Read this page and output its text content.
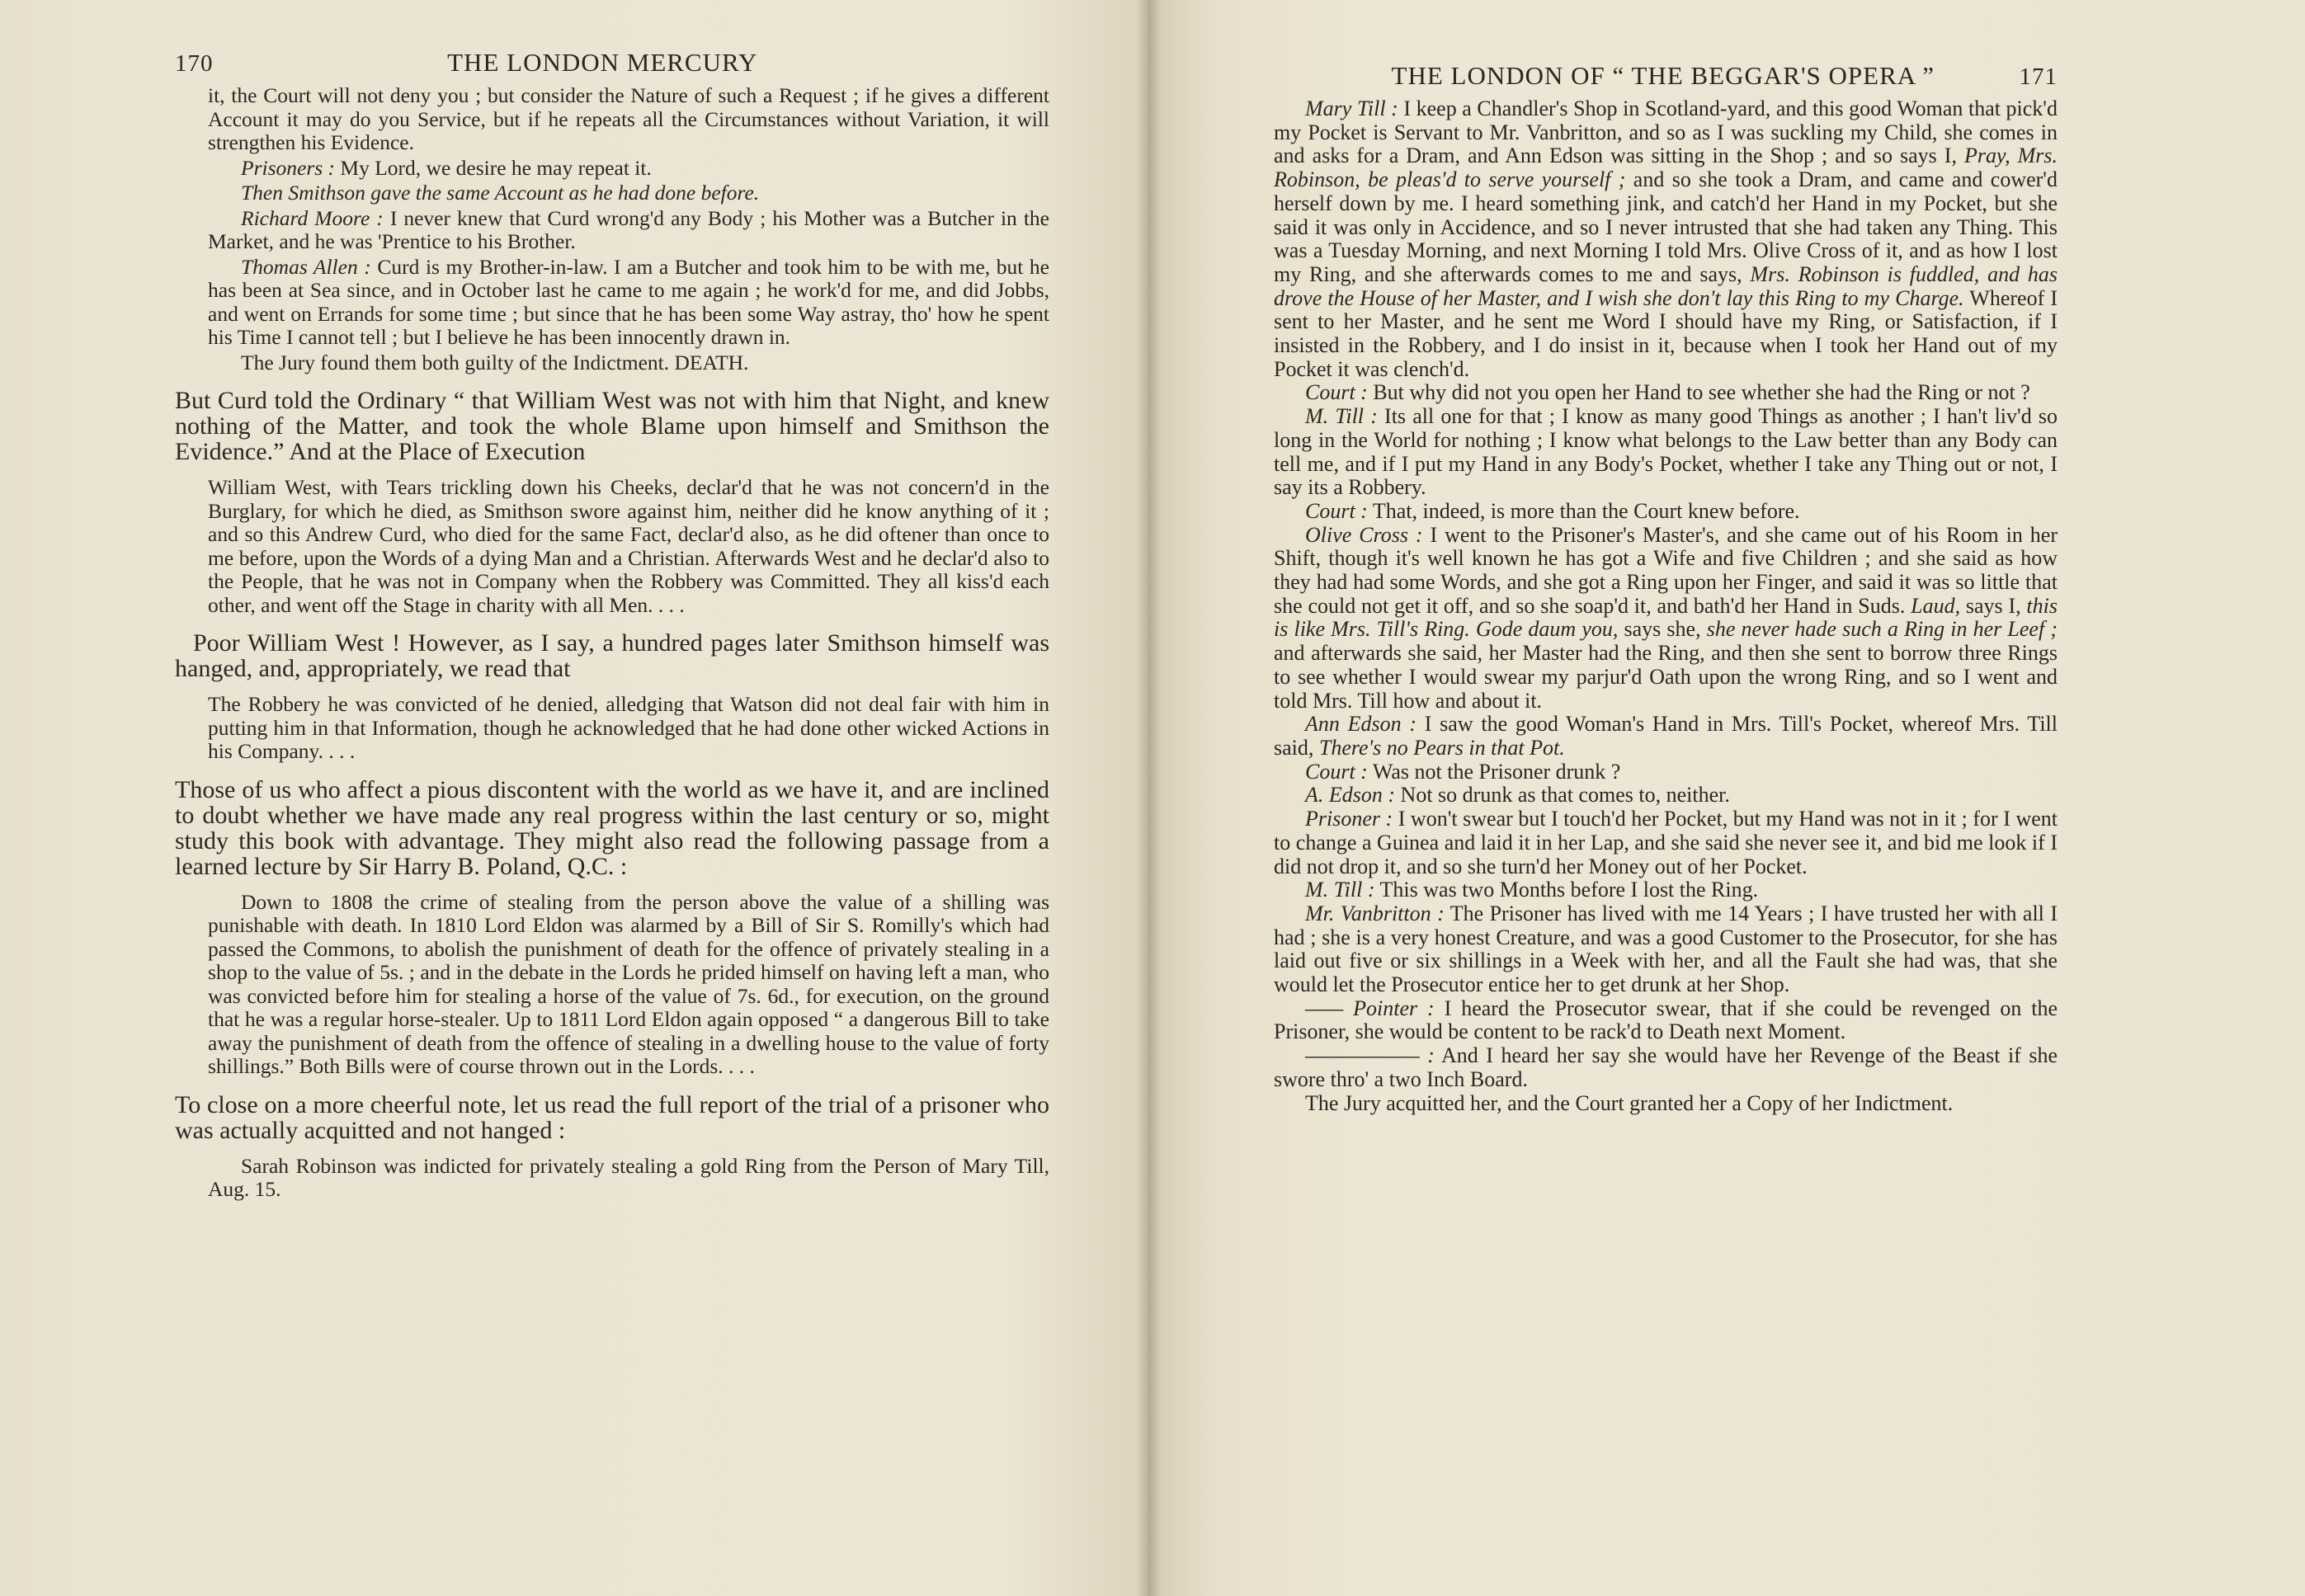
170	THE LONDON MERCURY

it, the Court will not deny you ; but consider the Nature of such a Request ; if he gives a different Account it may do you Service, but if he repeats all the Circumstances without Variation, it will strengthen his Evidence.

Prisoners : My Lord, we desire he may repeat it.

Then Smithson gave the same Account as he had done before.

Richard Moore : I never knew that Curd wrong'd any Body ; his Mother was a Butcher in the Market, and he was 'Prentice to his Brother.

Thomas Allen : Curd is my Brother-in-law. I am a Butcher and took him to be with me, but he has been at Sea since, and in October last he came to me again ; he work'd for me, and did Jobbs, and went on Errands for some time ; but since that he has been some Way astray, tho' how he spent his Time I cannot tell ; but I believe he has been innocently drawn in.

The Jury found them both guilty of the Indictment. DEATH.

But Curd told the Ordinary “ that William West was not with him that Night, and knew nothing of the Matter, and took the whole Blame upon himself and Smithson the Evidence.” And at the Place of Execution

William West, with Tears trickling down his Cheeks, declar'd that he was not concern'd in the Burglary, for which he died, as Smithson swore against him, neither did he know anything of it ; and so this Andrew Curd, who died for the same Fact, declar'd also, as he did oftener than once to me before, upon the Words of a dying Man and a Christian. Afterwards West and he declar'd also to the People, that he was not in Company when the Robbery was Committed. They all kiss'd each other, and went off the Stage in charity with all Men. . . .

Poor William West ! However, as I say, a hundred pages later Smithson himself was hanged, and, appropriately, we read that

The Robbery he was convicted of he denied, alledging that Watson did not deal fair with him in putting him in that Information, though he acknowledged that he had done other wicked Actions in his Company. . . .

Those of us who affect a pious discontent with the world as we have it, and are inclined to doubt whether we have made any real progress within the last century or so, might study this book with advantage. They might also read the following passage from a learned lecture by Sir Harry B. Poland, Q.C. :

Down to 1808 the crime of stealing from the person above the value of a shilling was punishable with death. In 1810 Lord Eldon was alarmed by a Bill of Sir S. Romilly's which had passed the Commons, to abolish the punishment of death for the offence of privately stealing in a shop to the value of 5s. ; and in the debate in the Lords he prided himself on having left a man, who was convicted before him for stealing a horse of the value of 7s. 6d., for execution, on the ground that he was a regular horse-stealer. Up to 1811 Lord Eldon again opposed “ a dangerous Bill to take away the punishment of death from the offence of stealing in a dwelling house to the value of forty shillings.” Both Bills were of course thrown out in the Lords. . . .

To close on a more cheerful note, let us read the full report of the trial of a prisoner who was actually acquitted and not hanged :

Sarah Robinson was indicted for privately stealing a gold Ring from the Person of Mary Till, Aug. 15.

THE LONDON OF “ THE BEGGAR'S OPERA ”	171

Mary Till : I keep a Chandler's Shop in Scotland-yard, and this good Woman that pick'd my Pocket is Servant to Mr. Vanbritton, and so as I was suckling my Child, she comes in and asks for a Dram, and Ann Edson was sitting in the Shop ; and so says I, Pray, Mrs. Robinson, be pleas'd to serve yourself ; and so she took a Dram, and came and cower'd herself down by me. I heard something jink, and catch'd her Hand in my Pocket, but she said it was only in Accidence, and so I never intrusted that she had taken any Thing. This was a Tuesday Morning, and next Morning I told Mrs. Olive Cross of it, and as how I lost my Ring, and she afterwards comes to me and says, Mrs. Robinson is fuddled, and has drove the House of her Master, and I wish she don't lay this Ring to my Charge. Whereof I sent to her Master, and he sent me Word I should have my Ring, or Satisfaction, if I insisted in the Robbery, and I do insist in it, because when I took her Hand out of my Pocket it was clench'd.

Court : But why did not you open her Hand to see whether she had the Ring or not ?

M. Till : Its all one for that ; I know as many good Things as another ; I han't liv'd so long in the World for nothing ; I know what belongs to the Law better than any Body can tell me, and if I put my Hand in any Body's Pocket, whether I take any Thing out or not, I say its a Robbery.

Court : That, indeed, is more than the Court knew before.

Olive Cross : I went to the Prisoner's Master's, and she came out of his Room in her Shift, though it's well known he has got a Wife and five Children ; and she said as how they had had some Words, and she got a Ring upon her Finger, and said it was so little that she could not get it off, and so she soap'd it, and bath'd her Hand in Suds. Laud, says I, this is like Mrs. Till's Ring. Gode daum you, says she, she never hade such a Ring in her Leef ; and afterwards she said, her Master had the Ring, and then she sent to borrow three Rings to see whether I would swear my parjur'd Oath upon the wrong Ring, and so I went and told Mrs. Till how and about it.

Ann Edson : I saw the good Woman's Hand in Mrs. Till's Pocket, whereof Mrs. Till said, There's no Pears in that Pot.

Court : Was not the Prisoner drunk ?

A. Edson : Not so drunk as that comes to, neither.

Prisoner : I won't swear but I touch'd her Pocket, but my Hand was not in it ; for I went to change a Guinea and laid it in her Lap, and she said she never see it, and bid me look if I did not drop it, and so she turn'd her Money out of her Pocket.

M. Till : This was two Months before I lost the Ring.

Mr. Vanbritton : The Prisoner has lived with me 14 Years ; I have trusted her with all I had ; she is a very honest Creature, and was a good Customer to the Prosecutor, for she has laid out five or six shillings in a Week with her, and all the Fault she had was, that she would let the Prosecutor entice her to get drunk at her Shop.

—— Pointer : I heard the Prosecutor swear, that if she could be revenged on the Prisoner, she would be content to be rack'd to Death next Moment.

—————— : And I heard her say she would have her Revenge of the Beast if she swore thro' a two Inch Board.

The Jury acquitted her, and the Court granted her a Copy of her Indictment.
